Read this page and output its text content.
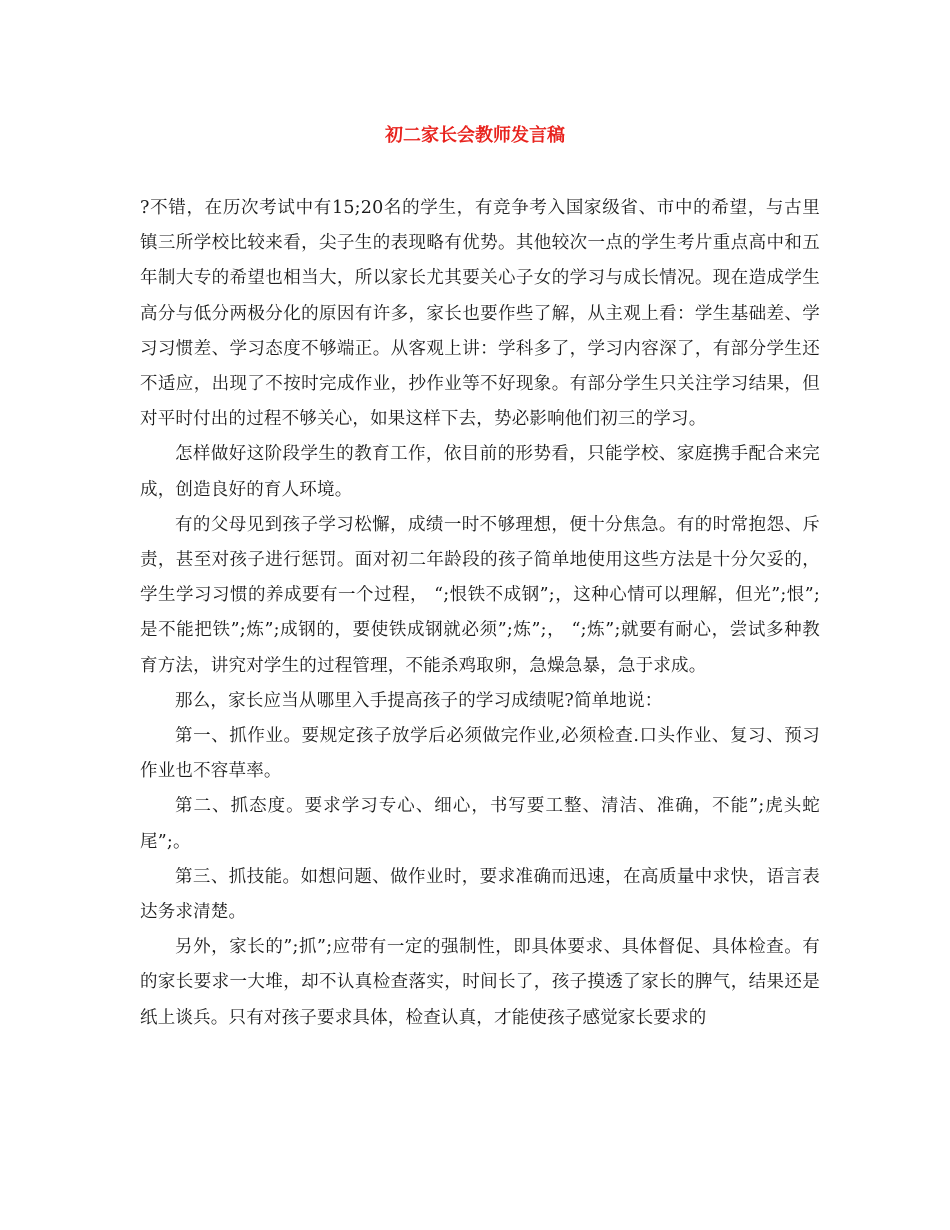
初二家长会教师发言稿

?不错，在历次考试中有15;20名的学生，有竞争考入国家级省、市中的希望，与古里镇三所学校比较来看，尖子生的表现略有优势。其他较次一点的学生考片重点高中和五年制大专的希望也相当大，所以家长尤其要关心子女的学习与成长情况。现在造成学生高分与低分两极分化的原因有许多，家长也要作些了解，从主观上看：学生基础差、学习习惯差、学习态度不够端正。从客观上讲：学科多了，学习内容深了，有部分学生还不适应，出现了不按时完成作业，抄作业等不好现象。有部分学生只关注学习结果，但对平时付出的过程不够关心，如果这样下去，势必影响他们初三的学习。

怎样做好这阶段学生的教育工作，依目前的形势看，只能学校、家庭携手配合来完成，创造良好的育人环境。

有的父母见到孩子学习松懈，成绩一时不够理想，便十分焦急。有的时常抱怨、斥责，甚至对孩子进行惩罚。面对初二年龄段的孩子简单地使用这些方法是十分欠妥的，学生学习习惯的养成要有一个过程， “;恨铁不成钢”;，这种心情可以理解，但光”;恨”;是不能把铁”;炼”;成钢的，要使铁成钢就必须”;炼”;， “;炼”;就要有耐心，尝试多种教育方法，讲究对学生的过程管理，不能杀鸡取卵，急燥急暴，急于求成。

那么，家长应当从哪里入手提高孩子的学习成绩呢?简单地说：

第一、抓作业。要规定孩子放学后必须做完作业,必须检查.口头作业、复习、预习作业也不容草率。

第二、抓态度。要求学习专心、细心，书写要工整、清洁、准确，不能”;虎头蛇尾”;。

第三、抓技能。如想问题、做作业时，要求准确而迅速，在高质量中求快，语言表达务求清楚。

另外，家长的”;抓”;应带有一定的强制性，即具体要求、具体督促、具体检查。有的家长要求一大堆，却不认真检查落实，时间长了，孩子摸透了家长的脾气，结果还是纸上谈兵。只有对孩子要求具体，检查认真，才能使孩子感觉家长要求的
